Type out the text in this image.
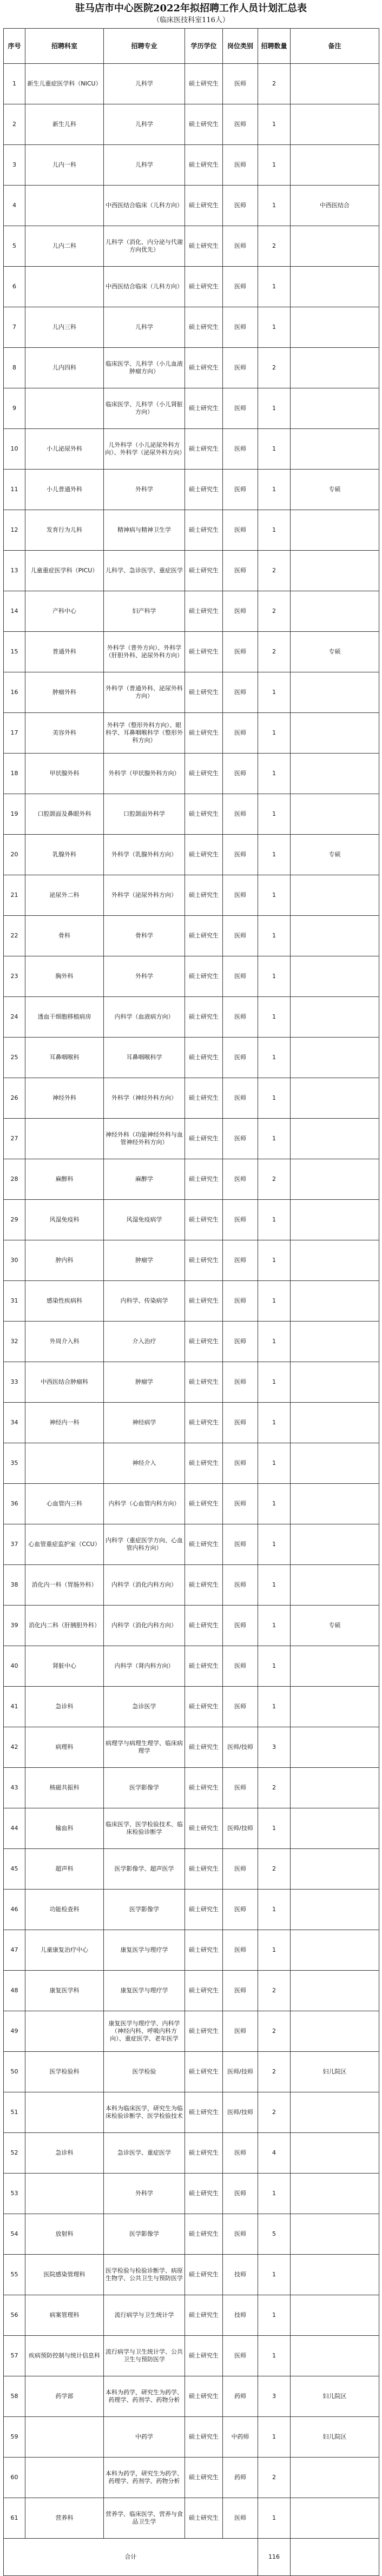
驻马店市中心医院2022年拟招聘工作人员计划汇总表
（临床医技科室116人）
序号	招聘科室	招聘专业	学历学位	岗位类别	招聘数量	备注
1	新生儿重症医学科（NICU）	儿科学	硕士研究生	医师	2	
2	新生儿科	儿科学	硕士研究生	医师	1	
3	儿内一科	儿科学	硕士研究生	医师	1	
4		中西医结合临床（儿科方向）	硕士研究生	医师	1	中西医结合
5	儿内二科	儿科学（消化、内分泌与代谢方向优先）	硕士研究生	医师	2	
6		中西医结合临床（儿科方向）	硕士研究生	医师	1	
7	儿内三科	儿科学	硕士研究生	医师	1	
8	儿内四科	临床医学、儿科学（小儿血液肿瘤方向）	硕士研究生	医师	2	
9		临床医学、儿科学（小儿肾脏方向）	硕士研究生	医师	1	
10	小儿泌尿外科	儿外科学（小儿泌尿外科方向）、外科学（泌尿外科方向）	硕士研究生	医师	1	
11	小儿普通外科	外科学	硕士研究生	医师	1	专硕
12	发育行为儿科	精神病与精神卫生学	硕士研究生	医师	1	
13	儿童重症医学科（PICU）	儿科学、急诊医学、重症医学	硕士研究生	医师	2	
14	产科中心	妇产科学	硕士研究生	医师	2	
15	普通外科	外科学（普外方向）、外科学（肝胆外科、泌尿外科方向）	硕士研究生	医师	2	专硕
16	肿瘤外科	外科学（普通外科、泌尿外科方向）	硕士研究生	医师	1	
17	美容外科	外科学（整形外科方向）、眼科学、耳鼻咽喉科学（整形外科方向）	硕士研究生	医师	1	
18	甲状腺外科	外科学（甲状腺外科方向）	硕士研究生	医师	1	
19	口腔颌面及鼻眼外科	口腔颌面外科学	硕士研究生	医师	1	
20	乳腺外科	外科学（乳腺外科方向）	硕士研究生	医师	1	专硕
21	泌尿外二科	外科学（泌尿外科方向）	硕士研究生	医师	1	
22	骨科	骨科学	硕士研究生	医师	1	
23	胸外科	外科学	硕士研究生	医师	1	
24	透血干细胞移植病房	内科学（血液病方向）	硕士研究生	医师	1	
25	耳鼻咽喉科	耳鼻咽喉科学	硕士研究生	医师	1	
26	神经外科	外科学（神经外科方向）	硕士研究生	医师	1	
27		神经外科（功能神经外科与血管神经外科方向）	硕士研究生	医师	1	
28	麻醉科	麻醉学	硕士研究生	医师	2	
29	风湿免疫科	风湿免疫病学	硕士研究生	医师	1	
30	肿内科	肿瘤学	硕士研究生	医师	1	
31	感染性疾病科	内科学、传染病学	硕士研究生	医师	1	
32	外周介入科	介入治疗	硕士研究生	医师	1	
33	中西医结合肿瘤科	肿瘤学	硕士研究生	医师	1	
34	神经内一科	神经病学	硕士研究生	医师	1	
35		神经介入	硕士研究生	医师	1	
36	心血管内三科	内科学（心血管内科方向）	硕士研究生	医师	1	
37	心血管重症监护室（CCU）	内科学（重症医学方向、心血管内科方向）	硕士研究生	医师	1	
38	消化内一科（胃肠外科）	内科学（消化内科方向）	硕士研究生	医师	1	
39	消化内二科（肝胰胆外科）	内科学（消化内科方向）	硕士研究生	医师	1	专硕
40	肾脏中心	内科学（肾内科方向）	硕士研究生	医师	1	
41	急诊科	急诊医学	硕士研究生	医师	1	
42	病理科	病理学与病理生理学、临床病理学	硕士研究生	医师/技师	3	
43	核磁共振科	医学影像学	硕士研究生	医师	2	
44	输血科	临床医学、医学检验技术、临床检验诊断学	硕士研究生	医师/技师	1	
45	超声科	医学影像学、超声医学	硕士研究生	医师	2	
46	功能检查科	医学影像学	硕士研究生	医师	1	
47	儿童康复治疗中心	康复医学与理疗学	硕士研究生	医师	1	
48	康复医学科	康复医学与理疗学	硕士研究生	医师	2	
49		康复医学与理疗学、内科学（神经内科、呼吸内科方向）、重症医学、老年医学	硕士研究生	医师	2	
50	医学检验科	医学检验	硕士研究生	医师/技师	2	妇儿院区
51		本科为临床医学，研究生为临床检验诊断学、医学检验技术	硕士研究生	医师/技师	2	
52	急诊科	急诊医学、重症医学	硕士研究生	医师	4	
53		外科学	硕士研究生	医师	1	
54	放射科	医学影像学	硕士研究生	医师	5	
55	医院感染管理科	医学检验与检验诊断学、病原生物学、公共卫生与预防医学	硕士研究生	技师	1	
56	病案管理科	流行病学与卫生统计学	硕士研究生	技师	1	
57	疾病预防控制与统计信息科	流行病学与卫生统计学、公共卫生与预防医学	硕士研究生	医师	1	
58	药学部	本科为药学，研究生为药学、药理学、药剂学、药物分析	硕士研究生	药师	3	妇儿院区
59		中药学	硕士研究生	中药师	1	妇儿院区
60		本科为药学，研究生为药学、药理学、药剂学、药物分析	硕士研究生	药师	2	
61	营养科	营养学、临床医学、营养与食品卫生学	硕士研究生	医师	1	
合计					116	
